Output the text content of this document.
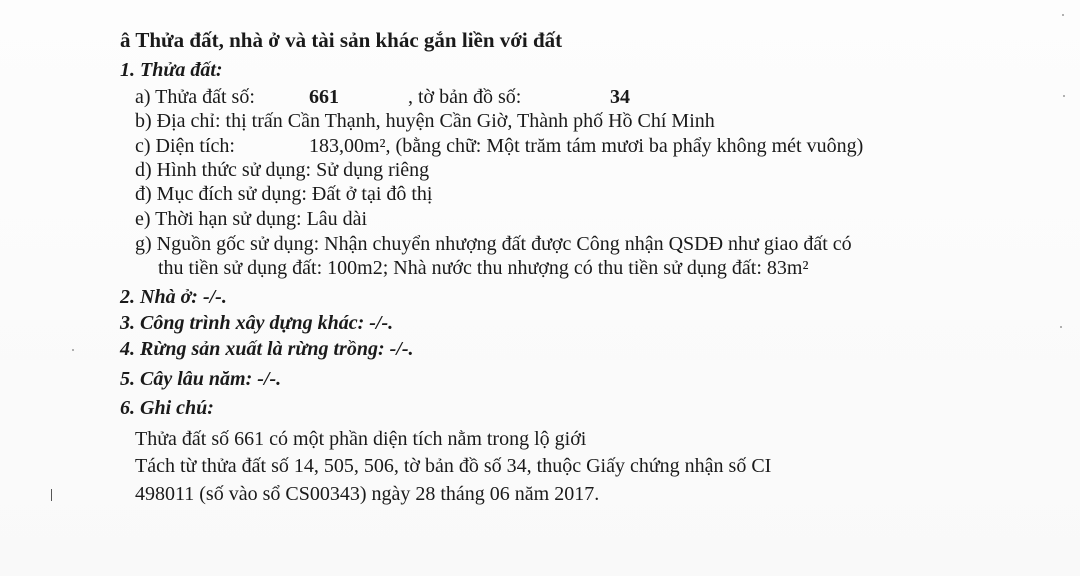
â Thửa đất, nhà ở và tài sản khác gắn liền với đất
1. Thửa đất:
a) Thửa đất số:	661	, tờ bản đồ số:	34
b) Địa chỉ: thị trấn Cần Thạnh, huyện Cần Giờ, Thành phố Hồ Chí Minh
c) Diện tích:	183,00m², (bằng chữ: Một trăm tám mươi ba phẩy không mét vuông)
d) Hình thức sử dụng: Sử dụng riêng
đ) Mục đích sử dụng: Đất ở tại đô thị
e) Thời hạn sử dụng: Lâu dài
g) Nguồn gốc sử dụng: Nhận chuyển nhượng đất được Công nhận QSDĐ như giao đất có
thu tiền sử dụng đất: 100m2; Nhà nước thu nhượng có thu tiền sử dụng đất: 83m²
2. Nhà ở: -/-.
3. Công trình xây dựng khác: -/-.
4. Rừng sản xuất là rừng trồng: -/-.
5. Cây lâu năm: -/-.
6. Ghi chú:
Thửa đất số 661 có một phần diện tích nằm trong lộ giới
Tách từ thửa đất số 14, 505, 506, tờ bản đồ số 34, thuộc Giấy chứng nhận số CI
498011 (số vào sổ CS00343) ngày 28 tháng 06 năm 2017.
